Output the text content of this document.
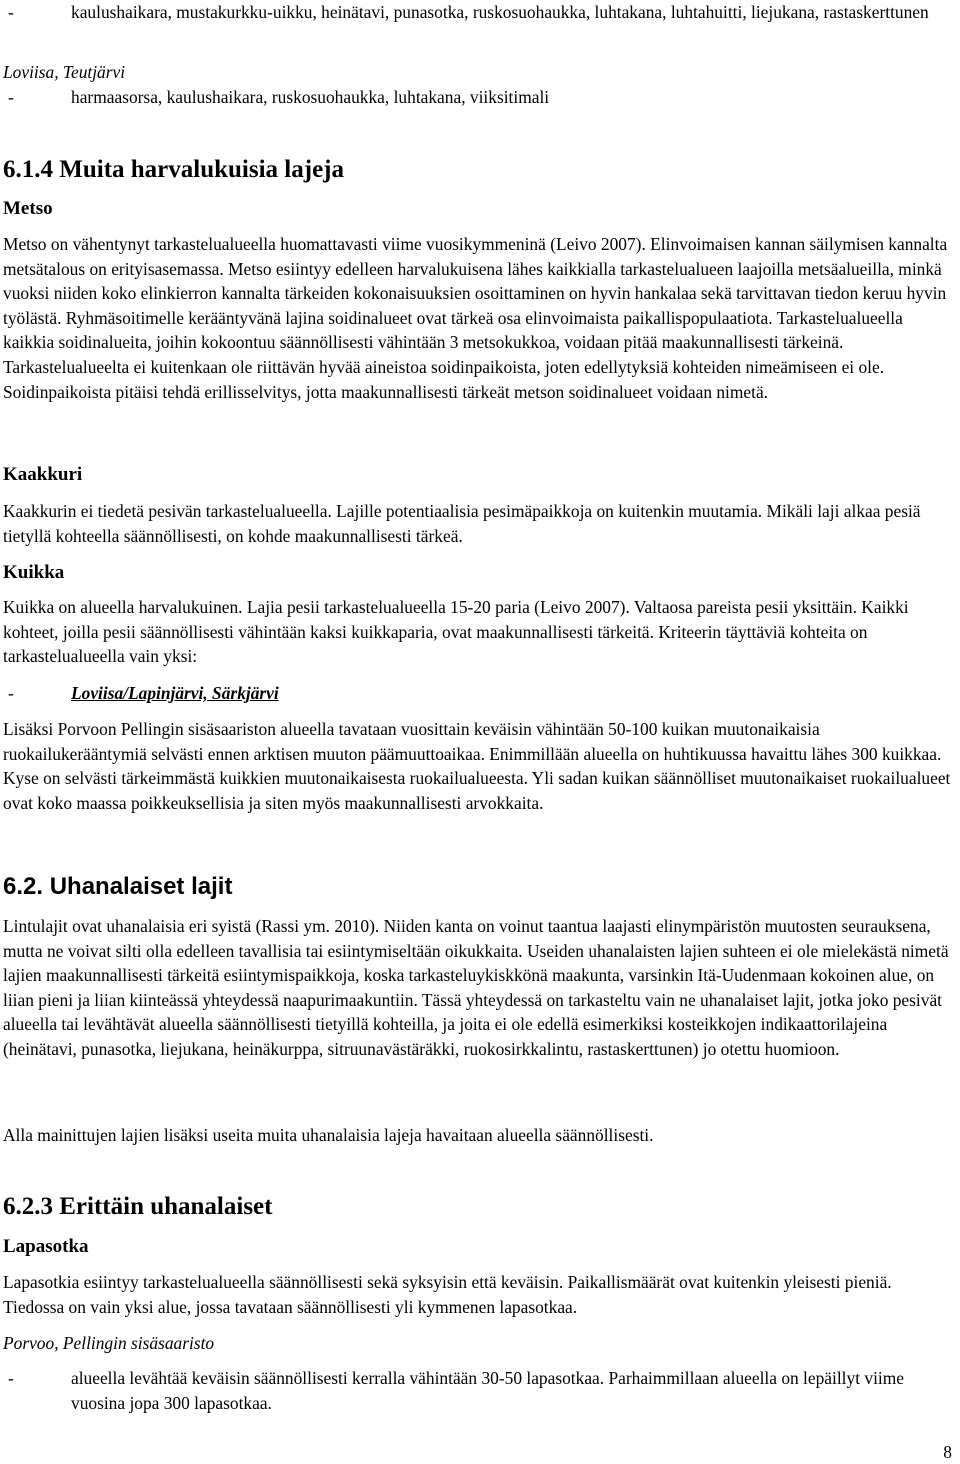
-	kaulushaikara, mustakurkku-uikku, heinätavi, punasotka, ruskosuohaukka, luhtakana, luhtahuitti, liejukana, rastaskerttunen
Loviisa, Teutjärvi
-	harmaasorsa, kaulushaikara, ruskosuohaukka, luhtakana, viiksitimali
6.1.4 Muita harvalukuisia lajeja
Metso

Metso on vähentynyt tarkastelualueella huomattavasti viime vuosikymmeninä (Leivo 2007). Elinvoimaisen kannan säilymisen kannalta metsätalous on erityisasemassa. Metso esiintyy edelleen harvalukuisena lähes kaikkialla tarkastelualueen laajoilla metsäalueilla, minkä vuoksi niiden koko elinkierron kannalta tärkeiden kokonaisuuksien osoittaminen on hyvin hankalaa sekä tarvittavan tiedon keruu hyvin työlästä. Ryhmäsoitimelle kerääntyvänä lajina soidinalueet ovat tärkeä osa elinvoimaista paikallispopulaatiota. Tarkastelualueella kaikkia soidinalueita, joihin kokoontuu säännöllisesti vähintään 3 metsokukkoa, voidaan pitää maakunnallisesti tärkeinä. Tarkastelualueelta ei kuitenkaan ole riittävän hyvää aineistoa soidinpaikoista, joten edellytyksiä kohteiden nimeämiseen ei ole. Soidinpaikoista pitäisi tehdä erillisselvitys, jotta maakunnallisesti tärkeät metson soidinalueet voidaan nimetä.

Kaakkuri

Kaakkurin ei tiedetä pesivän tarkastelualueella. Lajille potentiaalisia pesimäpaikkoja on kuitenkin muutamia. Mikäli laji alkaa pesiä tietyllä kohteella säännöllisesti, on kohde maakunnallisesti tärkeä.

Kuikka

Kuikka on alueella harvalukuinen. Lajia pesii tarkastelualueella 15-20 paria (Leivo 2007). Valtaosa pareista pesii yksittäin. Kaikki kohteet, joilla pesii säännöllisesti vähintään kaksi kuikkaparia, ovat maakunnallisesti tärkeitä. Kriteerin täyttäviä kohteita on tarkastelualueella vain yksi:

-	Loviisa/Lapinjärvi, Särkjärvi

Lisäksi Porvoon Pellingin sisäsaariston alueella tavataan vuosittain keväisin vähintään 50-100 kuikan muutonaikaisia ruokailukerääntymiä selvästi ennen arktisen muuton päämuuttoaikaa. Enimmillään alueella on huhtikuussa havaittu lähes 300 kuikkaa. Kyse on selvästi tärkeimmästä kuikkien muutonaikaisesta ruokailualueesta. Yli sadan kuikan säännölliset muutonaikaiset ruokailualueet ovat koko maassa poikkeuksellisia ja siten myös maakunnallisesti arvokkaita.

6.2. Uhanalaiset lajit

Lintulajit ovat uhanalaisia eri syistä (Rassi ym. 2010). Niiden kanta on voinut taantua laajasti elinympäristön muutosten seurauksena, mutta ne voivat silti olla edelleen tavallisia tai esiintymiseltään oikukkaita. Useiden uhanalaisten lajien suhteen ei ole mielekästä nimetä lajien maakunnallisesti tärkeitä esiintymispaikkoja, koska tarkasteluykiskkönä maakunta, varsinkin Itä-Uudenmaan kokoinen alue, on liian pieni ja liian kiinteässä yhteydessä naapurimaakuntiin. Tässä yhteydessä on tarkasteltu vain ne uhanalaiset lajit, jotka joko pesivät alueella tai levähtävät alueella säännöllisesti tietyillä kohteilla, ja joita ei ole edellä esimerkiksi kosteikkojen indikaattorilajeina (heinätavi, punasotka, liejukana, heinäkurppa, sitruunavästäräkki, ruokosirkkalintu, rastaskerttunen) jo otettu huomioon.

Alla mainittujen lajien lisäksi useita muita uhanalaisia lajeja havaitaan alueella säännöllisesti.

6.2.3 Erittäin uhanalaiset
Lapasotka

Lapasotkia esiintyy tarkastelualueella säännöllisesti sekä syksyisin että keväisin. Paikallismäärät ovat kuitenkin yleisesti pieniä. Tiedossa on vain yksi alue, jossa tavataan säännöllisesti yli kymmenen lapasotkaa.

Porvoo, Pellingin sisäsaaristo
-	alueella levähtää keväisin säännöllisesti kerralla vähintään 30-50 lapasotkaa. Parhaimmillaan alueella on lepäillyt viime vuosina jopa 300 lapasotkaa.
8
